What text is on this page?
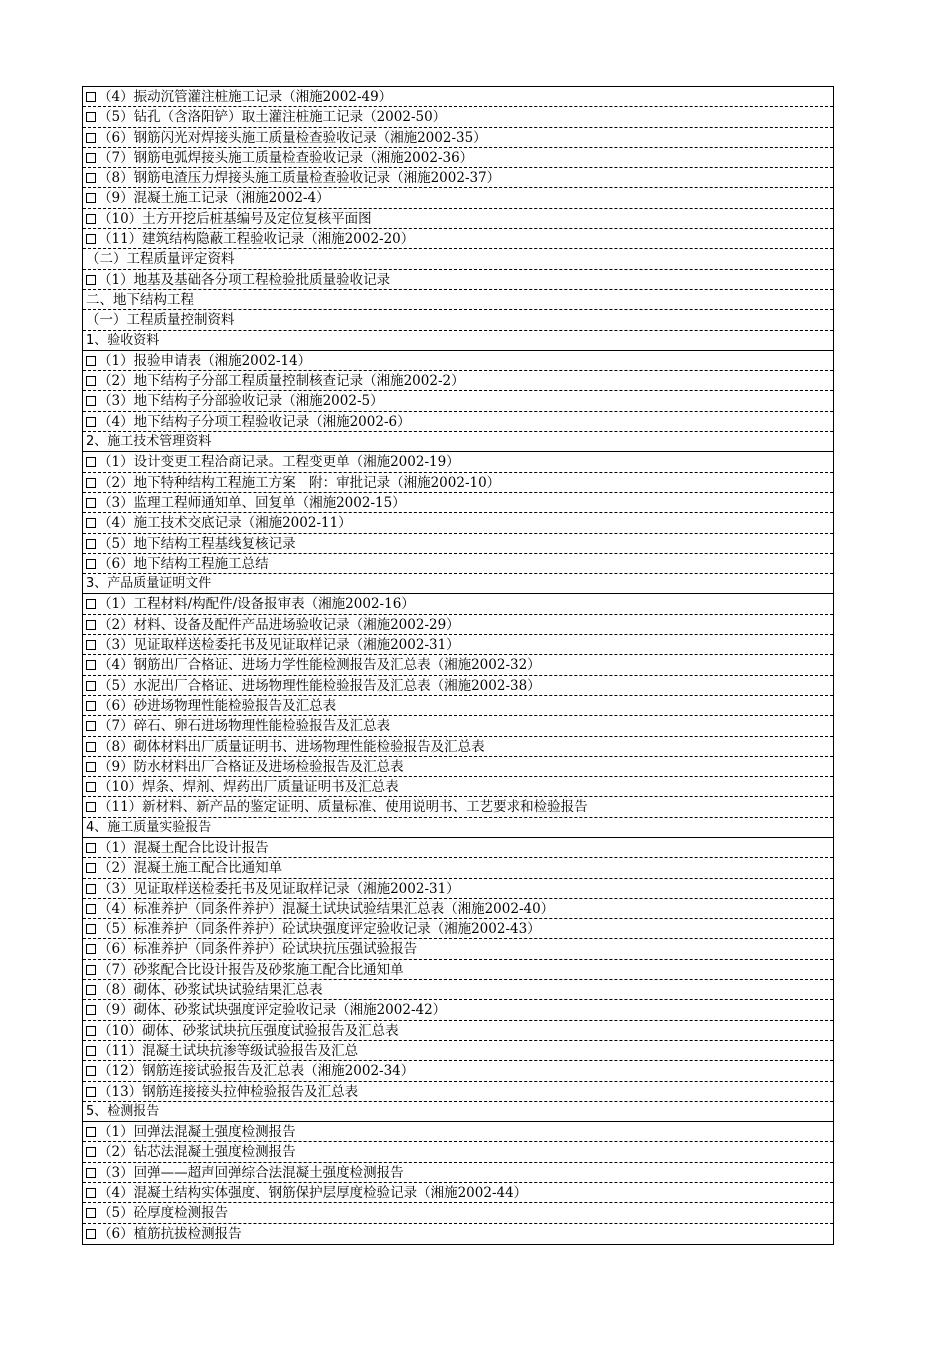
（4）振动沉管灌注桩施工记录（湘施2002-49）
（5）钻孔（含洛阳铲）取土灌注桩施工记录（2002-50）
（6）钢筋闪光对焊接头施工质量检查验收记录（湘施2002-35）
（7）钢筋电弧焊接头施工质量检查验收记录（湘施2002-36）
（8）钢筋电渣压力焊接头施工质量检查验收记录（湘施2002-37）
（9）混凝土施工记录（湘施2002-4）
（10）土方开挖后桩基编号及定位复核平面图
（11）建筑结构隐蔽工程验收记录（湘施2002-20）
（二）工程质量评定资料
（1）地基及基础各分项工程检验批质量验收记录
二、地下结构工程
（一）工程质量控制资料
1、验收资料
（1）报验申请表（湘施2002-14）
（2）地下结构子分部工程质量控制核查记录（湘施2002-2）
（3）地下结构子分部验收记录（湘施2002-5）
（4）地下结构子分项工程验收记录（湘施2002-6）
2、施工技术管理资料
（1）设计变更工程洽商记录。工程变更单（湘施2002-19）
（2）地下特种结构工程施工方案　附：审批记录（湘施2002-10）
（3）监理工程师通知单、回复单（湘施2002-15）
（4）施工技术交底记录（湘施2002-11）
（5）地下结构工程基线复核记录
（6）地下结构工程施工总结
3、产品质量证明文件
（1）工程材料/构配件/设备报审表（湘施2002-16）
（2）材料、设备及配件产品进场验收记录（湘施2002-29）
（3）见证取样送检委托书及见证取样记录（湘施2002-31）
（4）钢筋出厂合格证、进场力学性能检测报告及汇总表（湘施2002-32）
（5）水泥出厂合格证、进场物理性能检验报告及汇总表（湘施2002-38）
（6）砂进场物理性能检验报告及汇总表
（7）碎石、卵石进场物理性能检验报告及汇总表
（8）砌体材料出厂质量证明书、进场物理性能检验报告及汇总表
（9）防水材料出厂合格证及进场检验报告及汇总表
（10）焊条、焊剂、焊药出厂质量证明书及汇总表
（11）新材料、新产品的鉴定证明、质量标准、使用说明书、工艺要求和检验报告
4、施工质量实验报告
（1）混凝土配合比设计报告
（2）混凝土施工配合比通知单
（3）见证取样送检委托书及见证取样记录（湘施2002-31）
（4）标准养护（同条件养护）混凝土试块试验结果汇总表（湘施2002-40）
（5）标准养护（同条件养护）砼试块强度评定验收记录（湘施2002-43）
（6）标准养护（同条件养护）砼试块抗压强试验报告
（7）砂浆配合比设计报告及砂浆施工配合比通知单
（8）砌体、砂浆试块试验结果汇总表
（9）砌体、砂浆试块强度评定验收记录（湘施2002-42）
（10）砌体、砂浆试块抗压强度试验报告及汇总表
（11）混凝土试块抗渗等级试验报告及汇总
（12）钢筋连接试验报告及汇总表（湘施2002-34）
（13）钢筋连接接头拉伸检验报告及汇总表
5、检测报告
（1）回弹法混凝土强度检测报告
（2）钻芯法混凝土强度检测报告
（3）回弹——超声回弹综合法混凝土强度检测报告
（4）混凝土结构实体强度、钢筋保护层厚度检验记录（湘施2002-44）
（5）砼厚度检测报告
（6）植筋抗拔检测报告
